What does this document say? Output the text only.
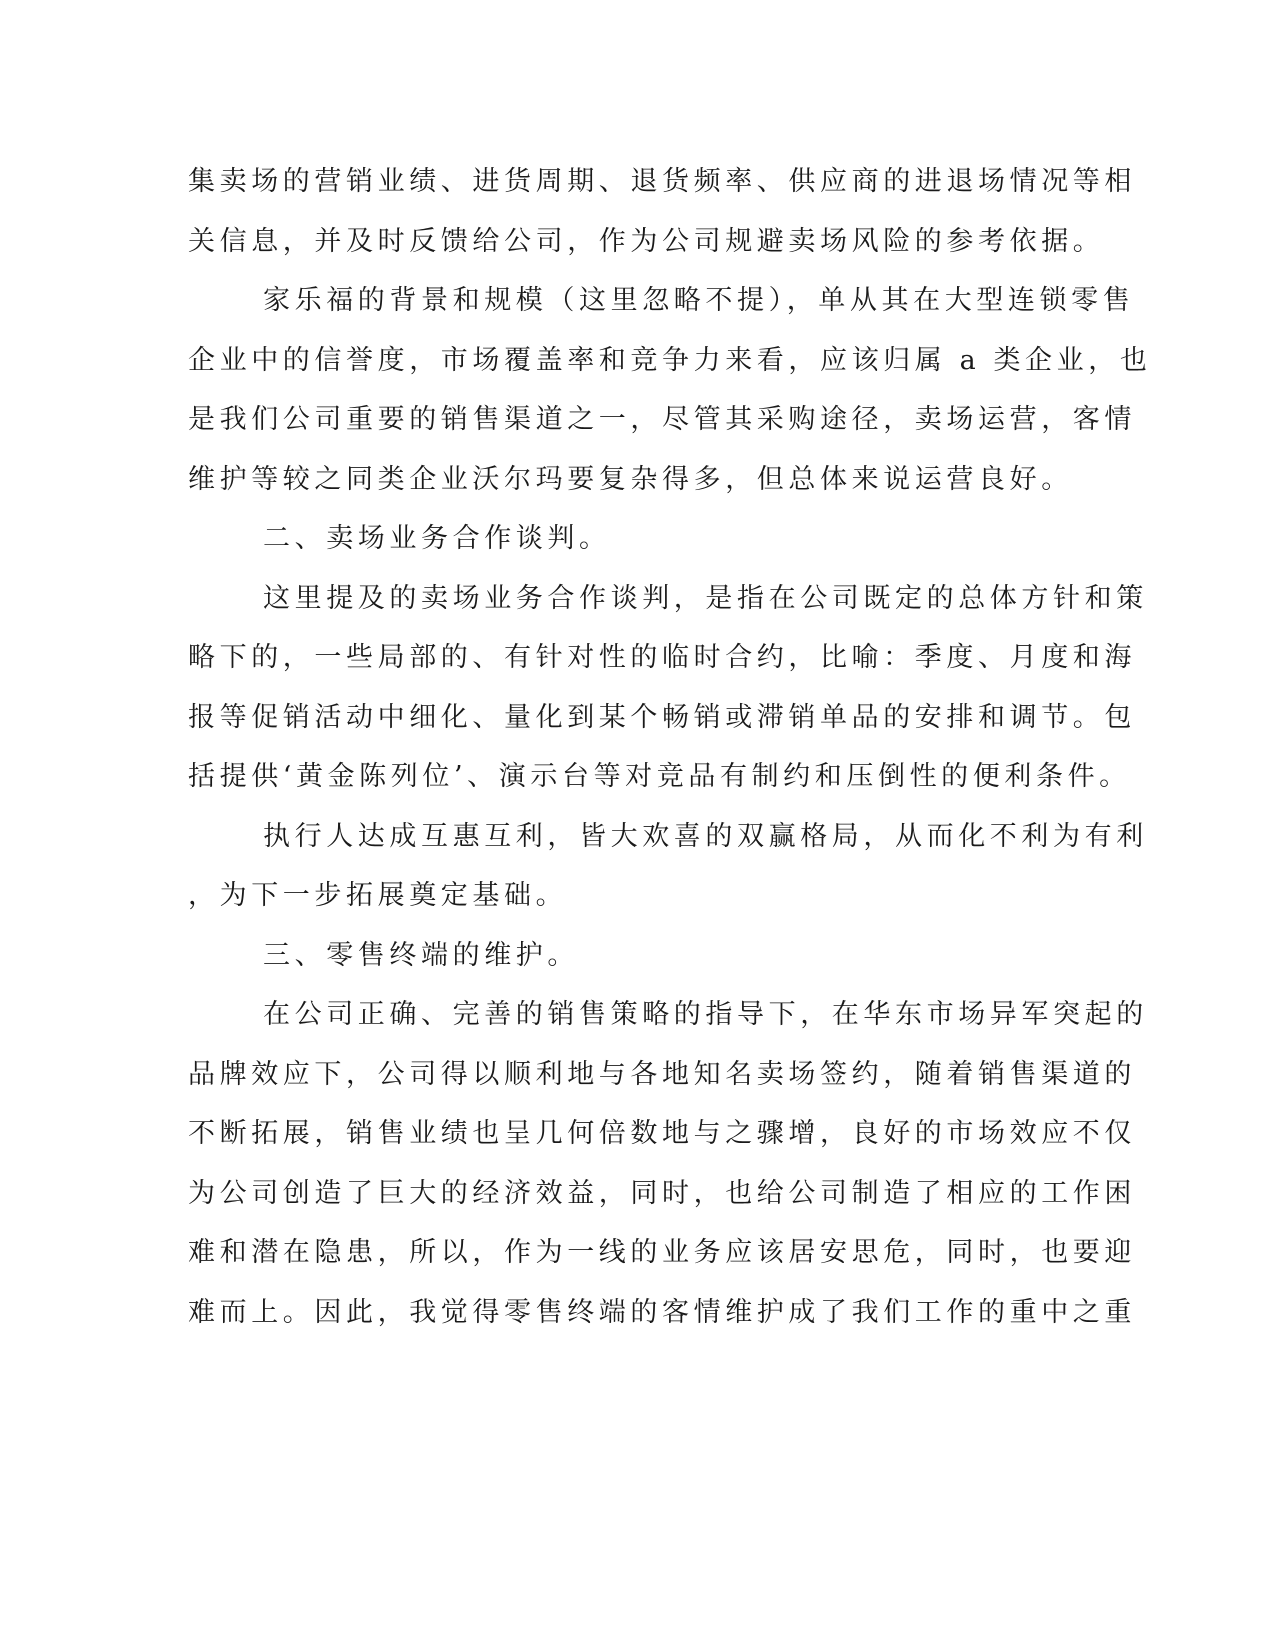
集卖场的营销业绩、进货周期、退货频率、供应商的进退场情况等相
关信息，并及时反馈给公司，作为公司规避卖场风险的参考依据。
家乐福的背景和规模（这里忽略不提），单从其在大型连锁零售
企业中的信誉度，市场覆盖率和竞争力来看，应该归属 a 类企业，也
是我们公司重要的销售渠道之一，尽管其采购途径，卖场运营，客情
维护等较之同类企业沃尔玛要复杂得多，但总体来说运营良好。
二、卖场业务合作谈判。
这里提及的卖场业务合作谈判，是指在公司既定的总体方针和策
略下的，一些局部的、有针对性的临时合约，比喻：季度、月度和海
报等促销活动中细化、量化到某个畅销或滞销单品的安排和调节。包
括提供‘黄金陈列位’、演示台等对竞品有制约和压倒性的便利条件。
执行人达成互惠互利，皆大欢喜的双赢格局，从而化不利为有利
，为下一步拓展奠定基础。
三、零售终端的维护。
在公司正确、完善的销售策略的指导下，在华东市场异军突起的
品牌效应下，公司得以顺利地与各地知名卖场签约，随着销售渠道的
不断拓展，销售业绩也呈几何倍数地与之骤增，良好的市场效应不仅
为公司创造了巨大的经济效益，同时，也给公司制造了相应的工作困
难和潜在隐患，所以，作为一线的业务应该居安思危，同时，也要迎
难而上。因此，我觉得零售终端的客情维护成了我们工作的重中之重
